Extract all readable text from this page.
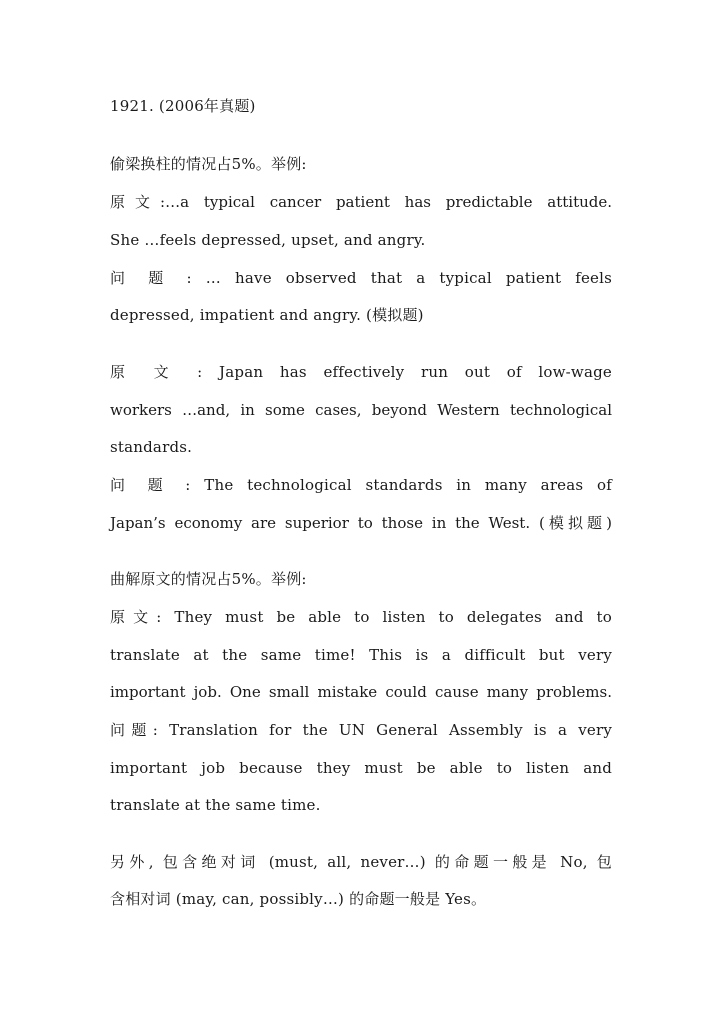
1921. (2006年真题)
偷梁换柱的情况占5%。举例:
原文:…a typical cancer patient has predictable attitude.
She …feels depressed, upset, and angry.
问 题 : … have observed that a typical patient feels
depressed, impatient and angry. (模拟题)
原 文 : Japan has effectively run out of low-wage
workers …and, in some cases, beyond Western technological
standards.
问 题 : The technological standards in many areas of
Japan’s economy are superior to those in the West. (模拟题)
曲解原文的情况占5%。举例:
原文: They must be able to listen to delegates and to
translate at the same time! This is a difficult but very
important job. One small mistake could cause many problems.
问题: Translation for the UN General Assembly is a very
important job because they must be able to listen and
translate at the same time.
另外, 包含绝对词 (must, all, never…) 的命题一般是 No, 包
含相对词 (may, can, possibly…) 的命题一般是 Yes。
